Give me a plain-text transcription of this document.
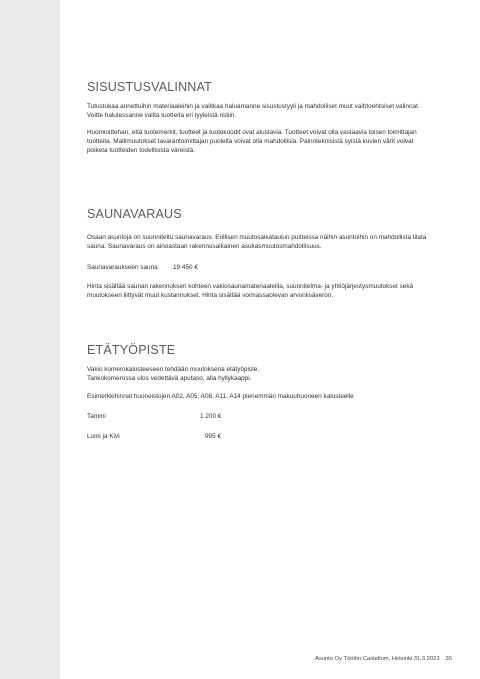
SISUSTUSVALINNAT

Tutustukaa annettuihin materiaaleihin ja valitkaa haluamanne sisustustyyli ja mahdolliset muut vaihtoehtoiset valinnat. Voitte halutessanne valita tuotteita eri tyyleistä ristiin.

Huomioittehan, että tuotemerkit, tuotteet ja tuotekoodit ovat alustavia. Tuotteet voivat olla vastaavia toisen toimittajan tuotteita. Mallimuutokset tavarantoimittajan puolelta voivat olla mahdollisia. Painoteknisistä syistä kuvien värit voivat poiketa tuotteiden todellisista väreistä.

SAUNAVARAUS

Osaan asuntoja on suunniteltu saunavaraus. Erillisen muutosaikataulun puitteissa näihin asuntoihin on mahdollista tilata sauna. Saunavaraus on ainoastaan rakennusaikainen asukasmuutosmahdollisuus.

Saunavaraukseen sauna 19 450 €

Hinta sisältää saunan rakennuksen kohteen vakiosaunamateriaaleilla, suunnitelma- ja yhtiöjärjestysmuutokset sekä muutokseen liittyvät muut kustannukset. Hinta sisältää voimassaolevan arvonlisäveron.

ETÄTYÖPISTE

Vakio komerokalusteeseen tehdään muutoksena etätyöpiste.

Tankokomerossa ulos vedettävä aputaso, alla hyllykaappi.

Esimerkkihinnat huoneistojen A02, A05, A08, A11, A14 pienemmän makuuhuoneen kalusteelle

Tammi	1 200 €
Lumi ja Kivi	995 €
Asunto Oy Töölön Castellum, Helsinki 31.3.2023 35
